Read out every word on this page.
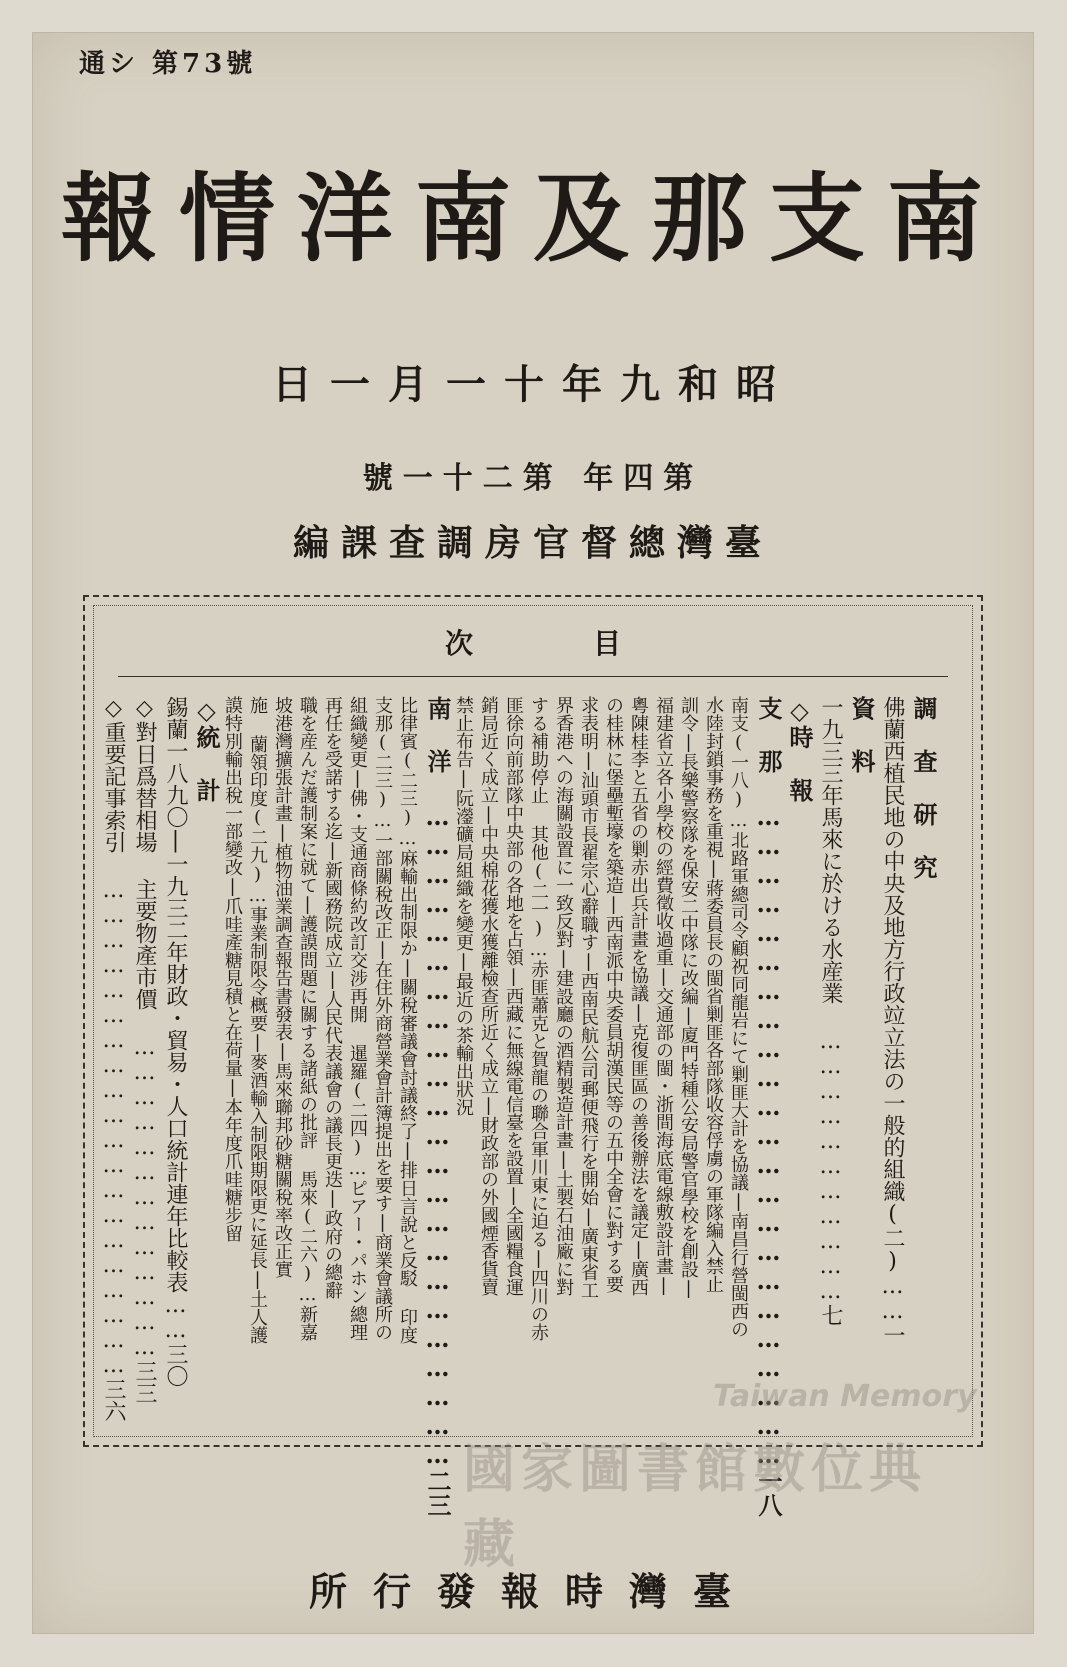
通シ 第73號
南支那及南洋情報
昭和九年十一月一日
第四年 第二十一號
臺灣總督官房調查課編
目次
調 査 研 究
佛蘭西植民地の中央及地方行政竝立法の一般的組織(二)……一
資 料
一九三三年馬來に於ける水産業 ……………………………七
◇時 報
支 那 ……………………………………………………………一八
南支(一八)…北路軍總司令顧祝同龍岩にて剿匪大計を協議|南昌行營閩西の
水陸封鎖事務を重視|蔣委員長の閩省剿匪各部隊收容俘虜の軍隊編入禁止
訓令|長樂警察隊を保安二中隊に改編|廈門特種公安局警官學校を創設|
福建省立各小學校の經費徵收過重|交通部の閩・浙間海底電線敷設計畫|
粵陳桂李と五省の剿赤出兵計畫を協議|克復匪區の善後辦法を議定|廣西
の桂林に堡壘塹壕を築造|西南派中央委員胡漢民等の五中全會に對する要
求表明|汕頭市長翟宗心辭職す|西南民航公司郵便飛行を開始|廣東省工
界香港への海關設置に一致反對|建設廳の酒精製造計畫|土製石油廠に對
する補助停止 其他(二一)…赤匪蕭克と賀龍の聯合軍川東に迫る|四川の赤
匪徐向前部隊中央部の各地を占領|西藏に無線電信臺を設置|全國糧食運
銷局近く成立|中央棉花獲水獲離檢查所近く成立|財政部の外國煙香貨賣
禁止布告|阮灐礦局組織を變更|最近の茶輸出狀況
南 洋 ……………………………………………………………二三
比律賓(二三)…麻輸出制限か|關稅審議會討議終了|排日言說と反駁 印度
支那(二三)…一部關稅改正|在住外商營業會計簿提出を要す|商業會議所の
組織變更|佛・支通商條約改訂交涉再開 暹羅(二四)…ピアー・パホン總理
再任を受諾する迄|新國務院成立|人民代表議會の議長更迭|政府の總辭
職を産んだ護制案に就て|護謨問題に關する諸紙の批評 馬來(二六)…新嘉
坡港灣擴張計畫|植物油業調查報告書發表|馬來聯邦砂糖關稅率改正實
施 蘭領印度(二九)…事業制限令概要|麥酒輸入制限期限更に延長|土人護
謨特別輸出稅一部變改|爪哇產糖見積と在荷量|本年度爪哇糖步留
◇統 計
錫蘭一八九〇|一九三二年財政・貿易・人口統計連年比較表……三〇
◇對日爲替相場 主要物產市價 …………………………………三三
◇重要記事索引 ……………………………………………………三六
臺灣時報發行所
Taiwan Memory
國家圖書館數位典藏
